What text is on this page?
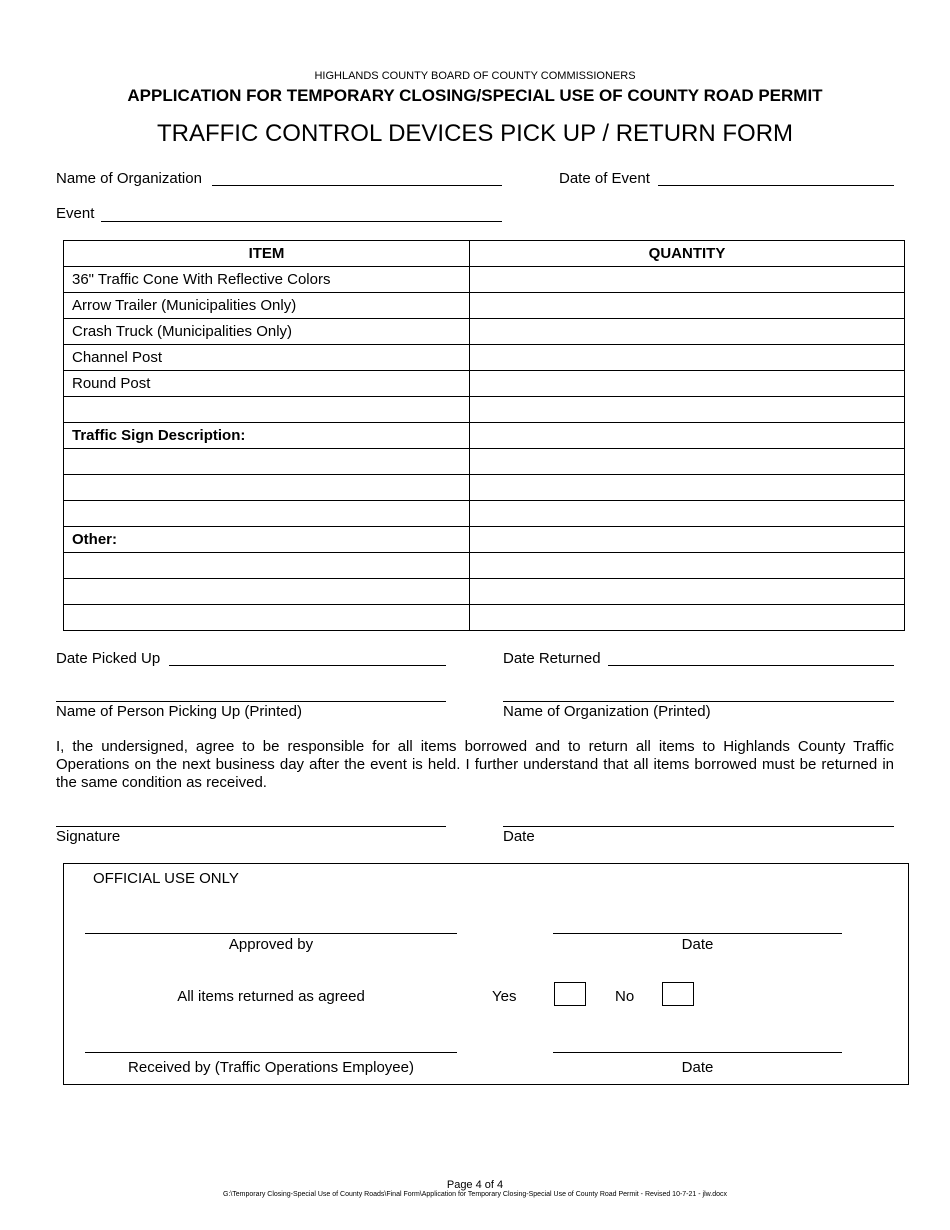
HIGHLANDS COUNTY BOARD OF COUNTY COMMISSIONERS
APPLICATION FOR TEMPORARY CLOSING/SPECIAL USE OF COUNTY ROAD PERMIT
TRAFFIC CONTROL DEVICES PICK UP / RETURN FORM
Name of Organization	Date of Event
Event
ITEM	QUANTITY
36" Traffic Cone With Reflective Colors	
Arrow Trailer (Municipalities Only)	
Crash Truck (Municipalities Only)	
Channel Post	
Round Post	

Traffic Sign Description:	

Other:	

Date Picked Up	Date Returned
Name of Person Picking Up (Printed)	Name of Organization (Printed)

I, the undersigned, agree to be responsible for all items borrowed and to return all items to Highlands County Traffic Operations on the next business day after the event is held. I further understand that all items borrowed must be returned in the same condition as received.

Signature	Date
OFFICIAL USE ONLY
Approved by	Date
All items returned as agreed	Yes	No
Received by (Traffic Operations Employee)	Date
Page 4 of 4
G:\Temporary Closing-Special Use of County Roads\Final Form\Application for Temporary Closing-Special Use of County Road Permit - Revised 10-7-21 - jlw.docx
